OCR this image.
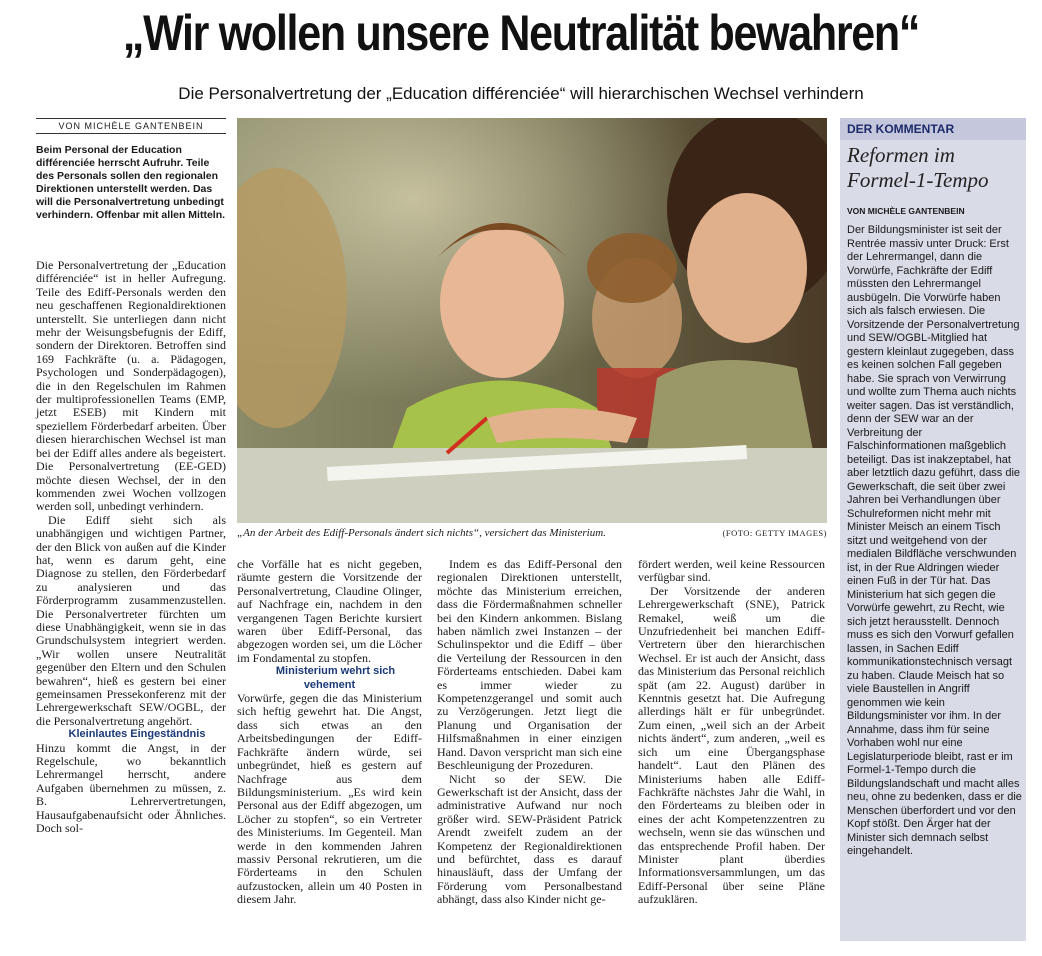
„Wir wollen unsere Neutralität bewahren“
Die Personalvertretung der „Education différenciée“ will hierarchischen Wechsel verhindern
VON MICHÈLE GANTENBEIN
Beim Personal der Education différenciée herrscht Aufruhr. Teile des Personals sollen den regionalen Direktionen unterstellt werden. Das will die Personalvertretung unbedingt verhindern. Offenbar mit allen Mitteln.

Die Personalvertretung der „Education différenciée“ ist in heller Aufregung. Teile des Ediff-Personals werden den neu geschaffenen Regionaldirektionen unterstellt. Sie unterliegen dann nicht mehr der Weisungsbefugnis der Ediff, sondern der Direktoren. Betroffen sind 169 Fachkräfte (u. a. Pädagogen, Psychologen und Sonderpädagogen), die in den Regelschulen im Rahmen der multiprofessionellen Teams (EMP, jetzt ESEB) mit Kindern mit speziellem Förderbedarf arbeiten. Über diesen hierarchischen Wechsel ist man bei der Ediff alles andere als begeistert. Die Personalvertretung (EE-GED) möchte diesen Wechsel, der in den kommenden zwei Wochen vollzogen werden soll, unbedingt verhindern.

Die Ediff sieht sich als unabhängigen und wichtigen Partner, der den Blick von außen auf die Kinder hat, wenn es darum geht, eine Diagnose zu stellen, den Förderbedarf zu analysieren und das Förderprogramm zusammenzustellen. Die Personalvertreter fürchten um diese Unabhängigkeit, wenn sie in das Grundschulsystem integriert werden. „Wir wollen unsere Neutralität gegenüber den Eltern und den Schulen bewahren“, hieß es gestern bei einer gemeinsamen Pressekonferenz mit der Lehrergewerkschaft SEW/OGBL, der die Personalvertretung angehört.

Kleinlautes Eingeständnis

Hinzu kommt die Angst, in der Regelschule, wo bekanntlich Lehrermangel herrscht, andere Aufgaben übernehmen zu müssen, z. B. Lehrervertretungen, Hausaufgabenaufsicht oder Ähnliches. Doch sol-

„An der Arbeit des Ediff-Personals ändert sich nichts“, versichert das Ministerium.	(FOTO: GETTY IMAGES)

che Vorfälle hat es nicht gegeben, räumte gestern die Vorsitzende der Personalvertretung, Claudine Olinger, auf Nachfrage ein, nachdem in den vergangenen Tagen Berichte kursiert waren über Ediff-Personal, das abgezogen worden sei, um die Löcher im Fondamental zu stopfen.

Ministerium wehrt sich vehement

Vorwürfe, gegen die das Ministerium sich heftig gewehrt hat. Die Angst, dass sich etwas an den Arbeitsbedingungen der Ediff-Fachkräfte ändern würde, sei unbegründet, hieß es gestern auf Nachfrage aus dem Bildungsministerium. „Es wird kein Personal aus der Ediff abgezogen, um Löcher zu stopfen“, so ein Vertreter des Ministeriums. Im Gegenteil. Man werde in den kommenden Jahren massiv Personal rekrutieren, um die Förderteams in den Schulen aufzustocken, allein um 40 Posten in diesem Jahr.

Indem es das Ediff-Personal den regionalen Direktionen unterstellt, möchte das Ministerium erreichen, dass die Fördermaßnahmen schneller bei den Kindern ankommen. Bislang haben nämlich zwei Instanzen – der Schulinspektor und die Ediff – über die Verteilung der Ressourcen in den Förderteams entschieden. Dabei kam es immer wieder zu Kompetenzgerangel und somit auch zu Verzögerungen. Jetzt liegt die Planung und Organisation der Hilfsmaßnahmen in einer einzigen Hand. Davon verspricht man sich eine Beschleunigung der Prozeduren.

Nicht so der SEW. Die Gewerkschaft ist der Ansicht, dass der administrative Aufwand nur noch größer wird. SEW-Präsident Patrick Arendt zweifelt zudem an der Kompetenz der Regionaldirektionen und befürchtet, dass es darauf hinausläuft, dass der Umfang der Förderung vom Personalbestand abhängt, dass also Kinder nicht ge-

fördert werden, weil keine Ressourcen verfügbar sind.

Der Vorsitzende der anderen Lehrergewerkschaft (SNE), Patrick Remakel, weiß um die Unzufriedenheit bei manchen Ediff-Vertretern über den hierarchischen Wechsel. Er ist auch der Ansicht, dass das Ministerium das Personal reichlich spät (am 22. August) darüber in Kenntnis gesetzt hat. Die Aufregung allerdings hält er für unbegründet. Zum einen, „weil sich an der Arbeit nichts ändert“, zum anderen, „weil es sich um eine Übergangsphase handelt“. Laut den Plänen des Ministeriums haben alle Ediff-Fachkräfte nächstes Jahr die Wahl, in den Förderteams zu bleiben oder in eines der acht Kompetenzzentren zu wechseln, wenn sie das wünschen und das entsprechende Profil haben. Der Minister plant überdies Informationsversammlungen, um das Ediff-Personal über seine Pläne aufzuklären.

DER KOMMENTAR
Reformen im Formel-1-Tempo
VON MICHÈLE GANTENBEIN
Der Bildungsminister ist seit der Rentrée massiv unter Druck: Erst der Lehrermangel, dann die Vorwürfe, Fachkräfte der Ediff müssten den Lehrermangel ausbügeln. Die Vorwürfe haben sich als falsch erwiesen. Die Vorsitzende der Personalvertretung und SEW/OGBL-Mitglied hat gestern kleinlaut zugegeben, dass es keinen solchen Fall gegeben habe. Sie sprach von Verwirrung und wollte zum Thema auch nichts weiter sagen. Das ist verständlich, denn der SEW war an der Verbreitung der Falschinformationen maßgeblich beteiligt. Das ist inakzeptabel, hat aber letztlich dazu geführt, dass die Gewerkschaft, die seit über zwei Jahren bei Verhandlungen über Schulreformen nicht mehr mit Minister Meisch an einem Tisch sitzt und weitgehend von der medialen Bildfläche verschwunden ist, in der Rue Aldringen wieder einen Fuß in der Tür hat. Das Ministerium hat sich gegen die Vorwürfe gewehrt, zu Recht, wie sich jetzt herausstellt. Dennoch muss es sich den Vorwurf gefallen lassen, in Sachen Ediff kommunikationstechnisch versagt zu haben. Claude Meisch hat so viele Baustellen in Angriff genommen wie kein Bildungsminister vor ihm. In der Annahme, dass ihm für seine Vorhaben wohl nur eine Legislaturperiode bleibt, rast er im Formel-1-Tempo durch die Bildungslandschaft und macht alles neu, ohne zu bedenken, dass er die Menschen überfordert und vor den Kopf stößt. Den Ärger hat der Minister sich demnach selbst eingehandelt.
